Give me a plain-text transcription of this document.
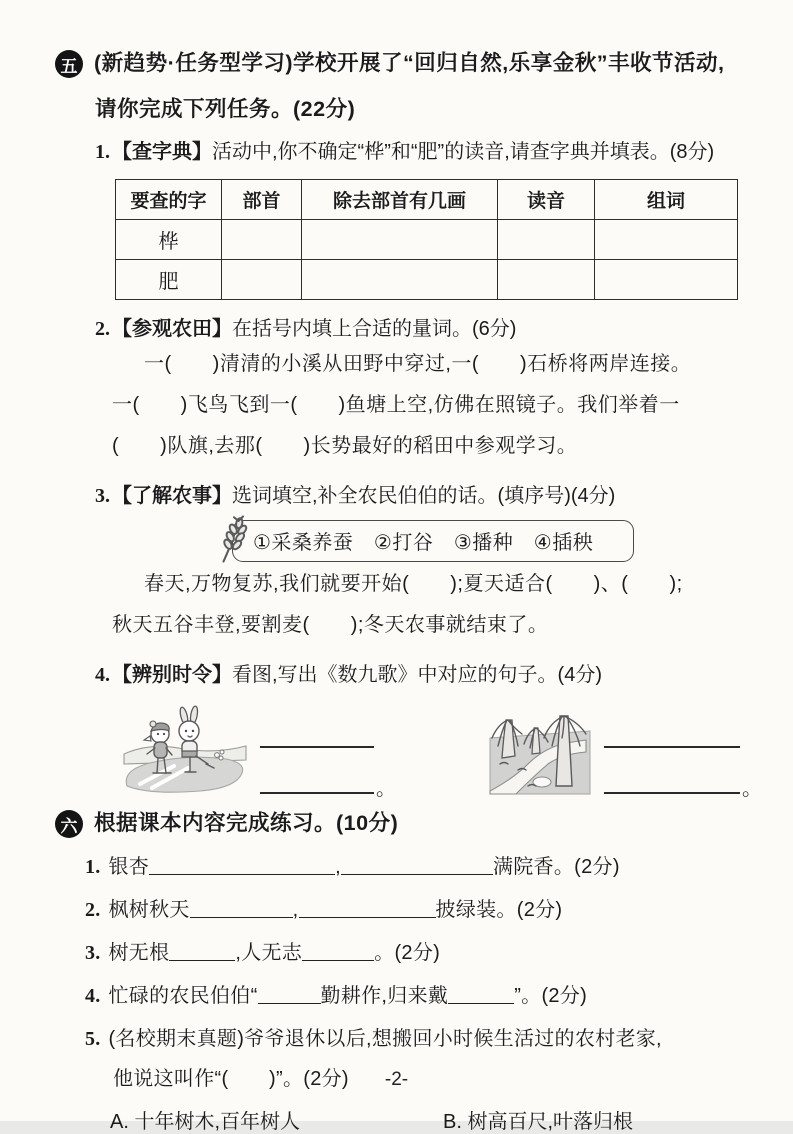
五 (新趋势·任务型学习)学校开展了“回归自然,乐享金秋”丰收节活动,
请你完成下列任务。(22分)
1. 【查字典】活动中,你不确定“桦”和“肥”的读音,请查字典并填表。(8分)
要查的字	部首	除去部首有几画	读音	组词
桦				
肥				
2. 【参观农田】在括号内填上合适的量词。(6分)
一(　　)清清的小溪从田野中穿过,一(　　)石桥将两岸连接。
一(　　)飞鸟飞到一(　　)鱼塘上空,仿佛在照镜子。我们举着一
(　　)队旗,去那(　　)长势最好的稻田中参观学习。
3. 【了解农事】选词填空,补全农民伯伯的话。(填序号)(4分)
①采桑养蚕　②打谷　③播种　④插秧
春天,万物复苏,我们就要开始(　　);夏天适合(　　)、(　　);
秋天五谷丰登,要割麦(　　);冬天农事就结束了。
4. 【辨别时令】看图,写出《数九歌》中对应的句子。(4分)
。	。
六 根据课本内容完成练习。(10分)
1. 银杏	,	满院香。(2分)
2. 枫树秋天	,	披绿装。(2分)
3. 树无根	,人无志	。(2分)
4. 忙碌的农民伯伯“	勤耕作,归来戴	”。(2分)
5. (名校期末真题)爷爷退休以后,想搬回小时候生活过的农村老家,
他说这叫作“(　　)”。(2分)
A. 十年树木,百年树人	B. 树高百尺,叶落归根
-2-
